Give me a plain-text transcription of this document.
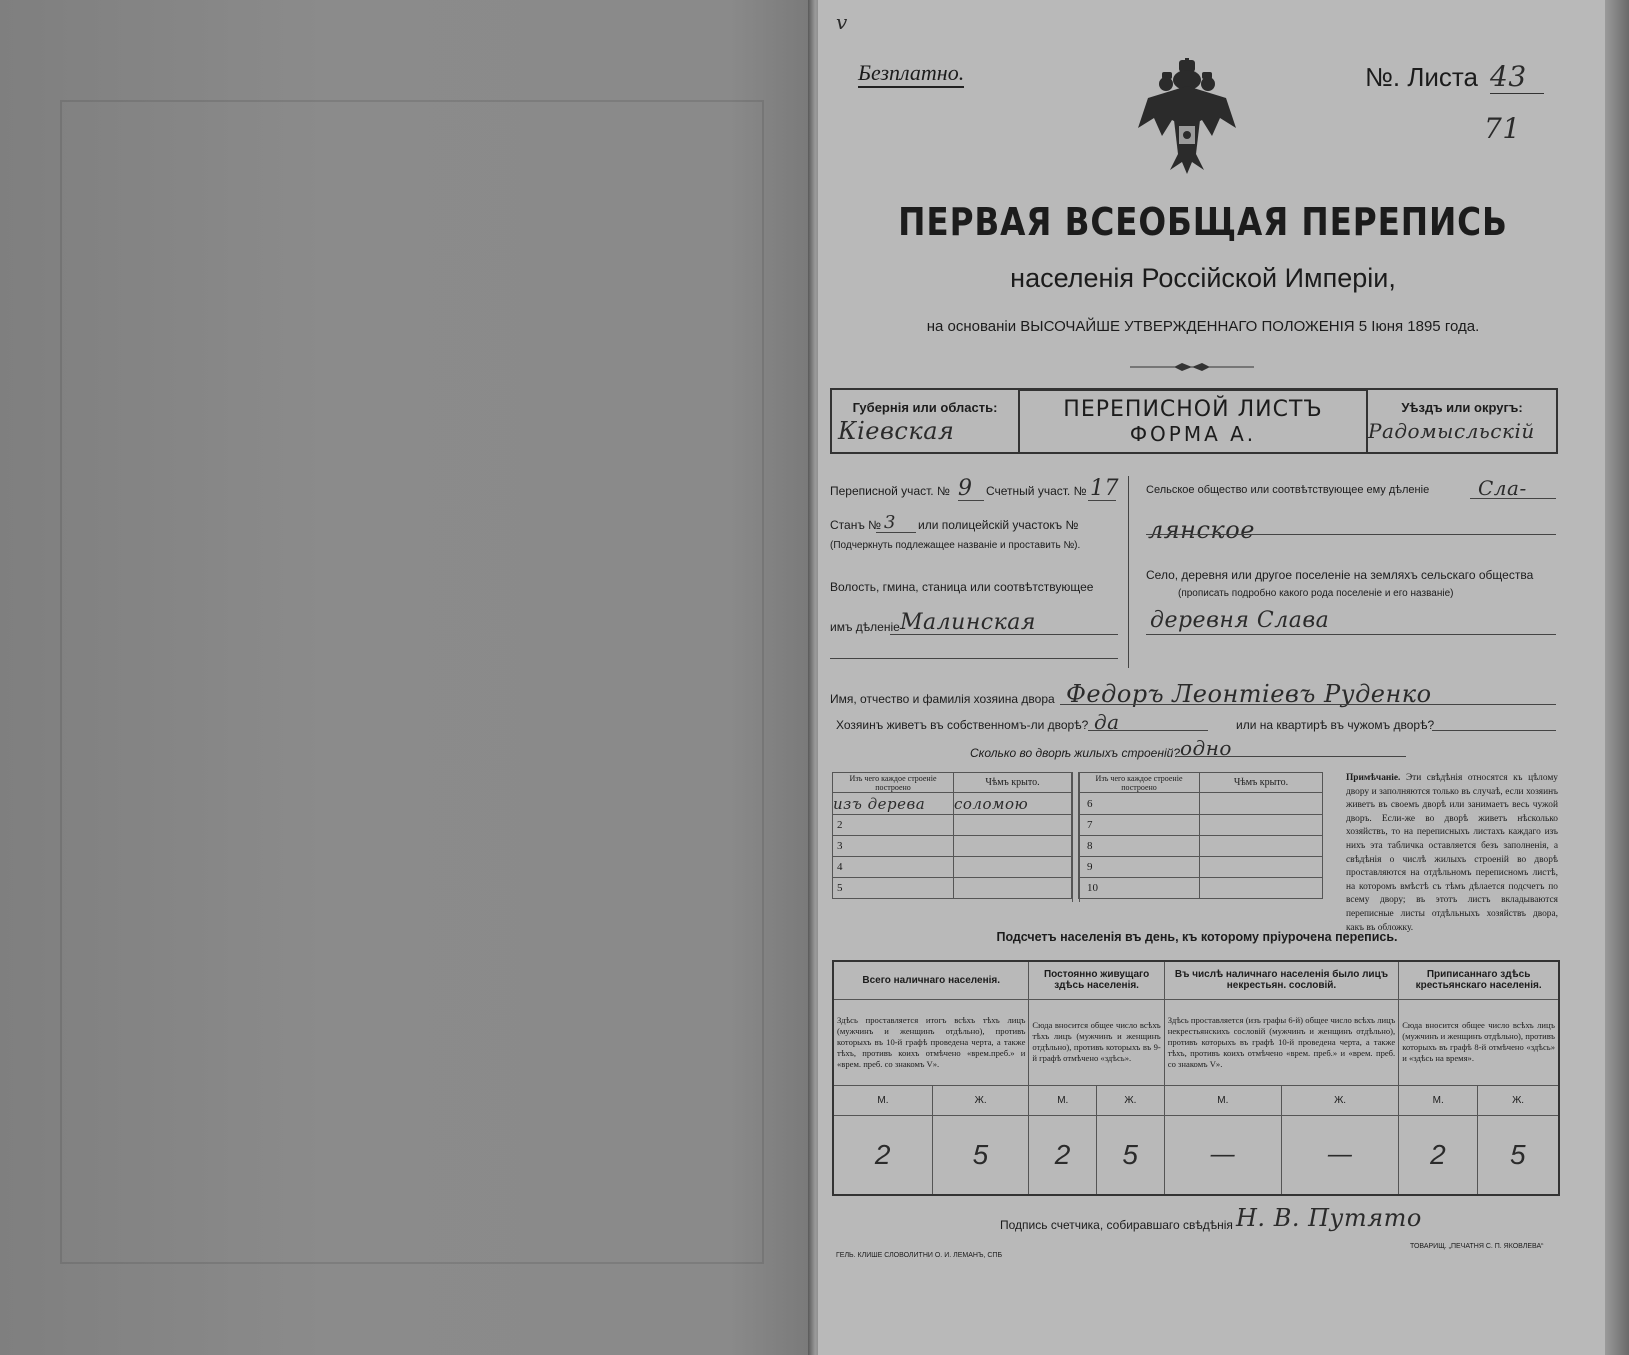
v
Безплатно.	№. Листа 43
71
ПЕРВАЯ ВСЕОБЩАЯ ПЕРЕПИСЬ
населенія Россійской Имперіи,
на основаніи ВЫСОЧАЙШЕ УТВЕРЖДЕННАГО ПОЛОЖЕНІЯ 5 Іюня 1895 года.
Губернія или область:
Кіевская
ПЕРЕПИСНОЙ ЛИСТЪ
ФОРМА А.
Уѣздъ или округъ:
Радомысльскій
Переписной участ. № 9 Счетный участ. № 17
Станъ № 3 или полицейскій участокъ №
(Подчеркнуть подлежащее названіе и проставить №).
Волость, гмина, станица или соотвѣтствующее
имъ дѣленіе Малинская
Сельское общество или соотвѣтствующее ему дѣленіе Сла-
лянское
Село, деревня или другое поселеніе на земляхъ сельскаго общества
(прописать подробно какого рода поселеніе и его названіе)
деревня Слава
Имя, отчество и фамилія хозяина двора Федоръ Леонтіевъ Руденко
Хозяинъ живетъ въ собственномъ-ли дворѣ? да	или на квартирѣ въ чужомъ дворѣ?
Сколько во дворѣ жилыхъ строеній? одно
Изъ чего каждое строеніе построено	Чѣмъ крыто.
изъ дерева	соломою
2	
3	
4	
5	
Изъ чего каждое строеніе построено	Чѣмъ крыто.
6	
7	
8	
9	
10	
Примѣчаніе. Эти свѣдѣнія относятся къ цѣлому двору и заполняются только въ случаѣ, если хозяинъ живетъ въ своемъ дворѣ или занимаетъ весь чужой дворъ. Если-же во дворѣ живетъ нѣсколько хозяйствъ, то на переписныхъ листахъ каждаго изъ нихъ эта табличка оставляется безъ заполненія, а свѣдѣнія о числѣ жилыхъ строеній во дворѣ проставляются на отдѣльномъ переписномъ листѣ, на которомъ вмѣстѣ съ тѣмъ дѣлается подсчетъ по всему двору; въ этотъ листъ вкладываются переписные листы отдѣльныхъ хозяйствъ двора, какъ въ обложку.
Подсчетъ населенія въ день, къ которому пріурочена перепись.
Всего наличнаго населенія.		Постоянно живущаго здѣсь населенія.		Въ числѣ наличнаго населенія было лицъ некрестьян. сословій.		Приписаннаго здѣсь крестьянскаго населенія.	
Здѣсь проставляется итогъ всѣхъ тѣхъ лицъ (мужчинъ и женщинъ отдѣльно), противъ которыхъ въ 10-й графѣ проведена черта, а также тѣхъ, противъ коихъ отмѣчено «врем.преб.» и «врем. преб. со знакомъ V».		Сюда вносится общее число всѣхъ тѣхъ лицъ (мужчинъ и женщинъ отдѣльно), противъ которыхъ въ 9-й графѣ отмѣчено «здѣсь».		Здѣсь проставляется (изъ графы 6-й) общее число всѣхъ лицъ некрестьянскихъ сословій (мужчинъ и женщинъ отдѣльно), противъ которыхъ въ графѣ 10-й проведена черта, а также тѣхъ, противъ коихъ отмѣчено «врем. преб.» и «врем. преб. со знакомъ V».		Сюда вносится общее число всѣхъ лицъ (мужчинъ и женщинъ отдѣльно), противъ которыхъ въ графѣ 8-й отмѣчено «здѣсь» и «здѣсь на время».	
М.	Ж.	М.	Ж.	М.	Ж.	М.	Ж.
2	5	2	5	—	—	2	5
Подпись счетчика, собиравшаго свѣдѣнія Н. В. Путято
ГЕЛЬ. КЛИШЕ СЛОВОЛИТНИ О. И. ЛЕМАНЪ, СПБ
ТОВАРИЩ. „ПЕЧАТНЯ С. П. ЯКОВЛЕВА“
